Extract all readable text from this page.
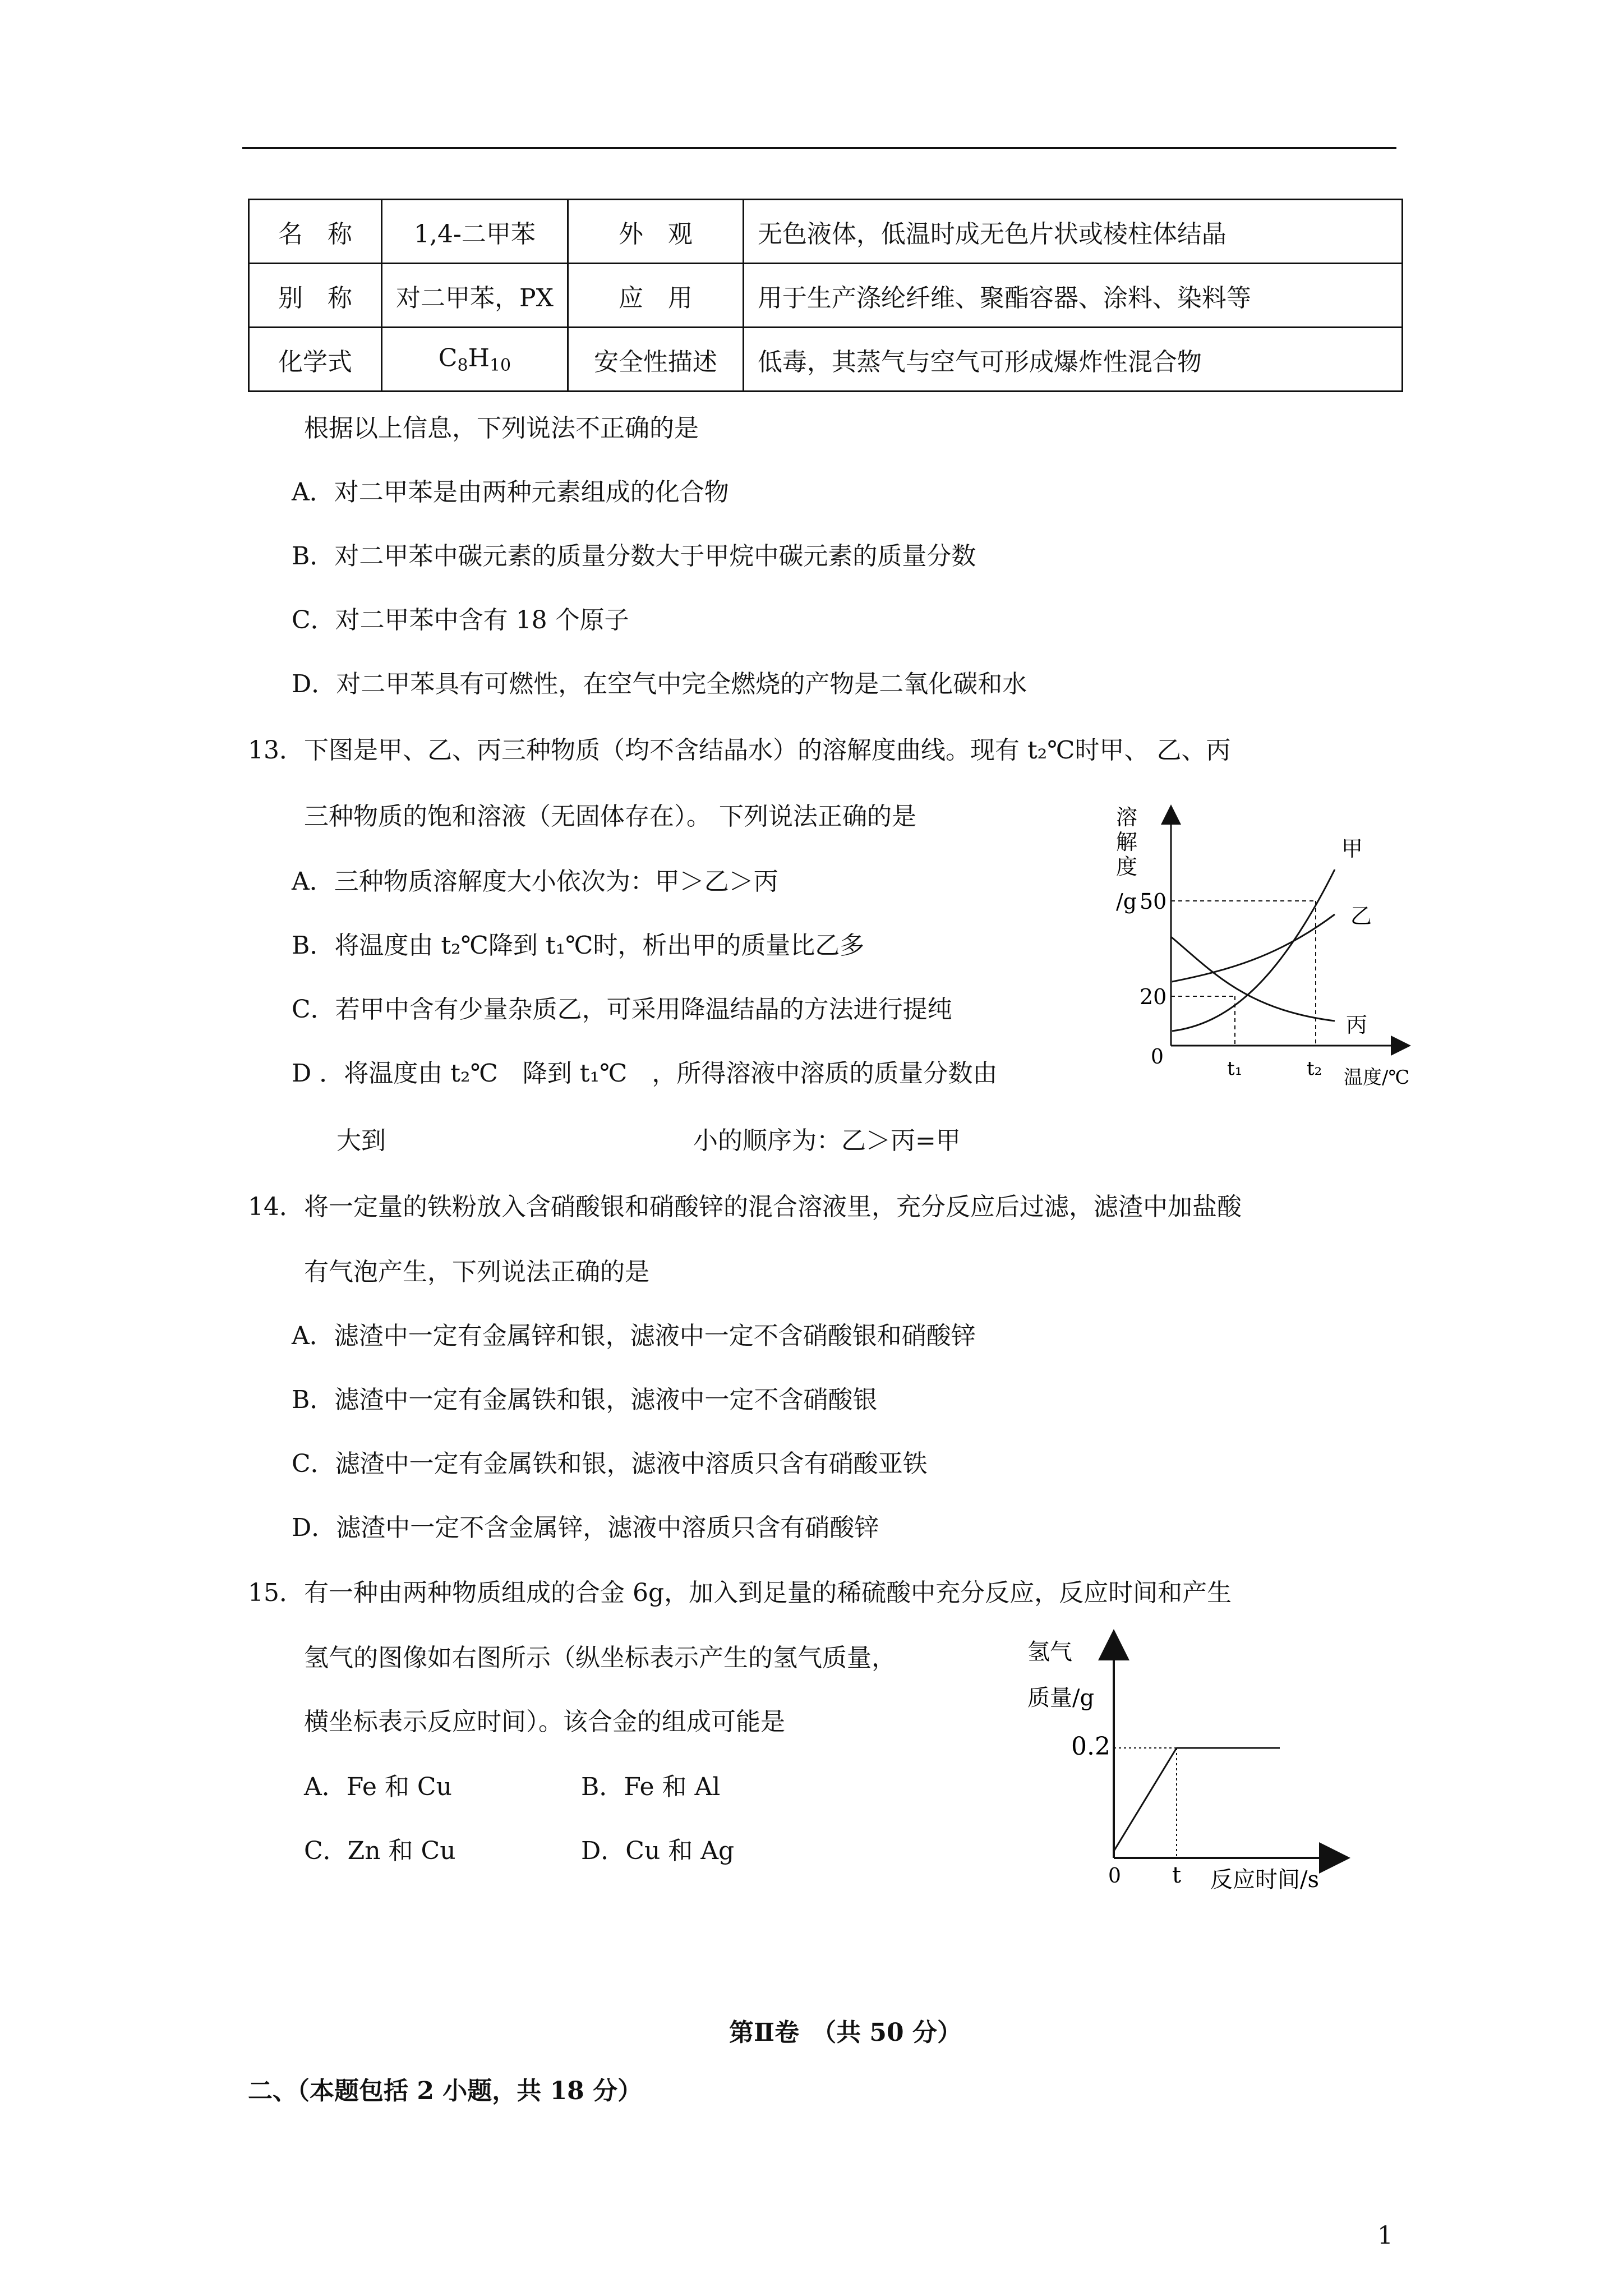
名　称	1,4-二甲苯	外　观	无色液体，低温时成无色片状或棱柱体结晶
别　称	对二甲苯，PX	应　用	用于生产涤纶纤维、聚酯容器、涂料、染料等
化学式	$C_8H_{10}$	安全性描述	低毒，其蒸气与空气可形成爆炸性混合物
根据以上信息，下列说法不正确的是
A．对二甲苯是由两种元素组成的化合物
B．对二甲苯中碳元素的质量分数大于甲烷中碳元素的质量分数
C．对二甲苯中含有 18 个原子
D．对二甲苯具有可燃性，在空气中完全燃烧的产物是二氧化碳和水
13．下图是甲、乙、丙三种物质（均不含结晶水）的溶解度曲线。现有 t₂℃时甲、 乙、丙
三种物质的饱和溶液（无固体存在）。 下列说法正确的是
A．三种物质溶解度大小依次为：甲＞乙＞丙
B．将温度由 t₂℃降到 t₁℃时，析出甲的质量比乙多
C．若甲中含有少量杂质乙，可采用降温结晶的方法进行提纯
D ．将温度由 t₂℃　降到 t₁℃　，所得溶液中溶质的质量分数由
大到	小的顺序为：乙＞丙=甲
溶
解
度
/g 50
20
0	t₁	t₂ 温度/℃
甲
乙
丙
14．将一定量的铁粉放入含硝酸银和硝酸锌的混合溶液里，充分反应后过滤，滤渣中加盐酸
有气泡产生，下列说法正确的是
A．滤渣中一定有金属锌和银，滤液中一定不含硝酸银和硝酸锌
B．滤渣中一定有金属铁和银，滤液中一定不含硝酸银
C．滤渣中一定有金属铁和银，滤液中溶质只含有硝酸亚铁
D．滤渣中一定不含金属锌，滤液中溶质只含有硝酸锌
15．有一种由两种物质组成的合金 6g，加入到足量的稀硫酸中充分反应，反应时间和产生
氢气的图像如右图所示（纵坐标表示产生的氢气质量，
横坐标表示反应时间）。该合金的组成可能是
A．Fe 和 Cu	B．Fe 和 Al
C．Zn 和 Cu	D．Cu 和 Ag
氢气
质量/g
0.2
0 t 反应时间/s
第Ⅱ卷　（共 50 分）
二、（本题包括 2 小题，共 18 分）
1
